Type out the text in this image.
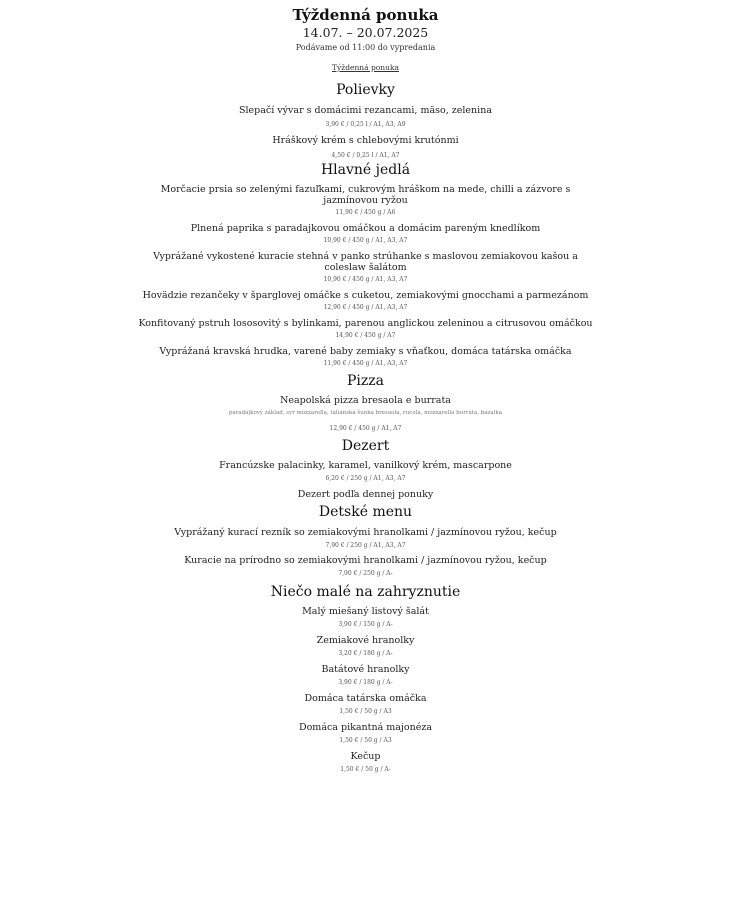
Týždenná ponuka
14.07. – 20.07.2025
Podávame od 11:00 do vypredania
Týždenná ponuka
Polievky
Slepačí vývar s domácimi rezancami, mäso, zelenina
3,90 € / 0,25 l / A1, A3, A9
Hráškový krém s chlebovými krutónmi
4,50 € / 0,25 l / A1, A7
Hlavné jedlá
Morčacie prsia so zelenými fazuľkami, cukrovým hráškom na mede, chilli a zázvore s jazmínovou ryžou
11,90 € / 450 g / A6
Plnená paprika s paradajkovou omáčkou a domácim pareným knedlíkom
10,90 € / 450 g / A1, A3, A7
Vyprážané vykostené kuracie stehná v panko strúhanke s maslovou zemiakovou kašou a coleslaw šalátom
10,90 € / 450 g / A1, A3, A7
Hovädzie rezančeky v šparglovej omáčke s cuketou, zemiakovými gnocchami a parmezánom
12,90 € / 450 g / A1, A3, A7
Konfitovaný pstruh lososovitý s bylinkami, parenou anglickou zeleninou a citrusovou omáčkou
14,90 € / 450 g / A7
Vyprážaná kravská hrudka, varené baby zemiaky s vňaťkou, domáca tatárska omáčka
11,90 € / 450 g / A1, A3, A7
Pizza
Neapolská pizza bresaola e burrata
paradajkový základ, syr mozzarella, talianska šunka bresaola, rucola, mozzarella burrata, bazalka
12,90 € / 450 g / A1, A7
Dezert
Francúzske palacinky, karamel, vanilkový krém, mascarpone
6,20 € / 250 g / A1, A3, A7
Dezert podľa dennej ponuky
Detské menu
Vyprážaný kurací rezník so zemiakovými hranolkami / jazmínovou ryžou, kečup
7,90 € / 250 g / A1, A3, A7
Kuracie na prírodno so zemiakovými hranolkami / jazmínovou ryžou, kečup
7,90 € / 250 g / A-
Niečo malé na zahryznutie
Malý miešaný listový šalát
3,90 € / 150 g / A-
Zemiakové hranolky
3,20 € / 180 g / A-
Batátové hranolky
3,90 € / 180 g / A-
Domáca tatárska omáčka
1,50 € / 50 g / A3
Domáca pikantná majonéza
1,50 € / 50 g / A3
Kečup
1,50 € / 50 g / A-
